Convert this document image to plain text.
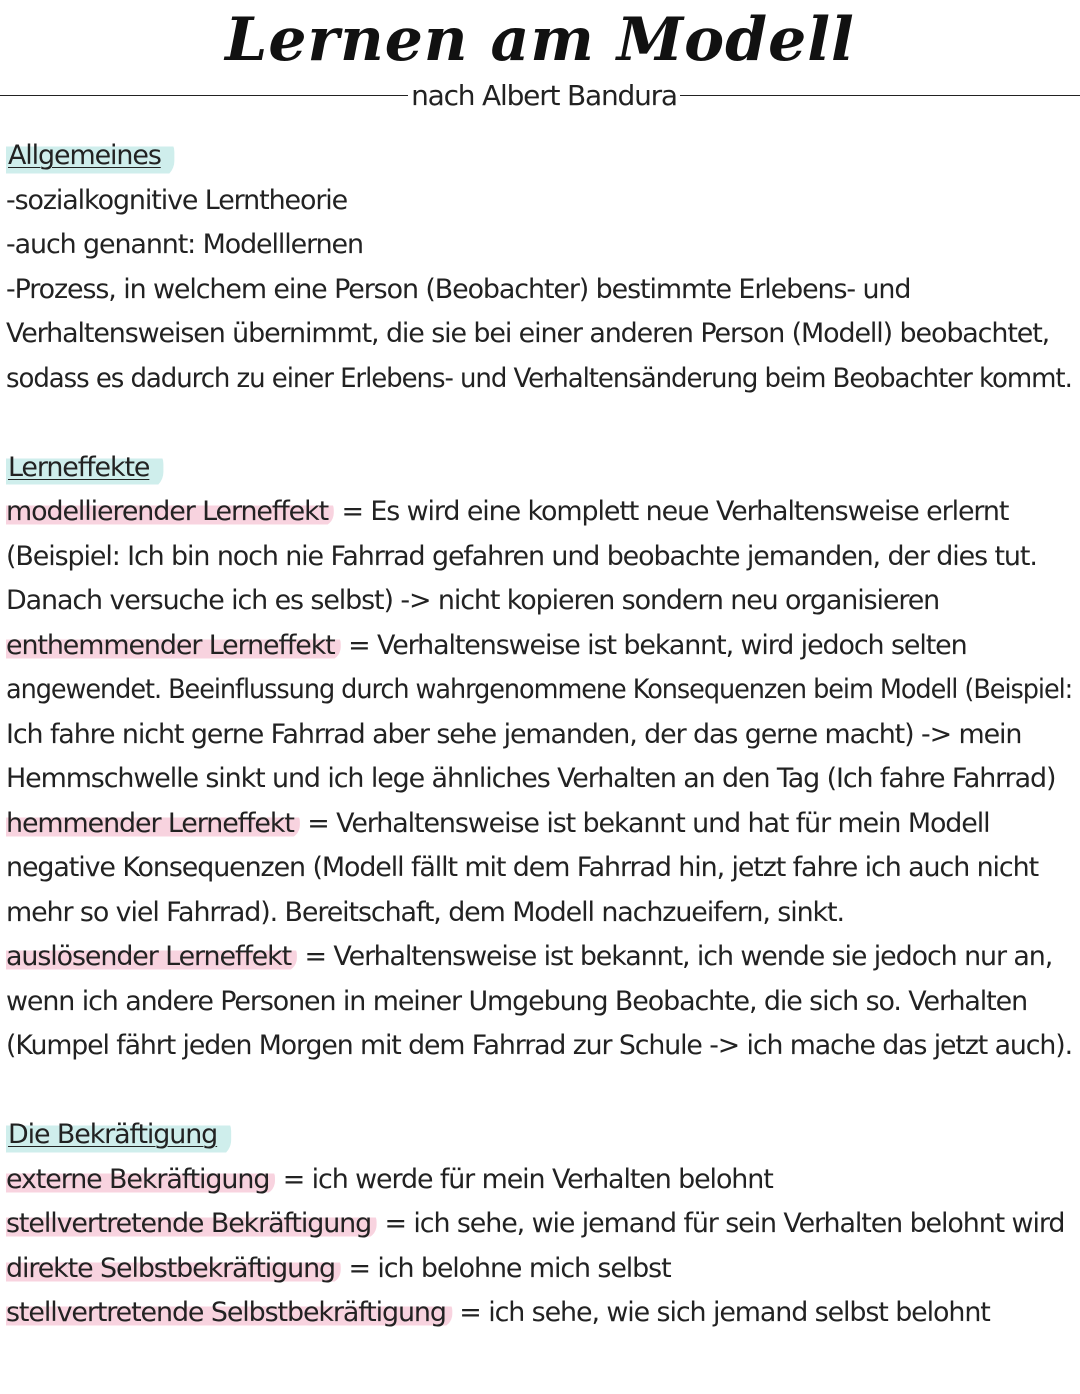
Lernen am Modell
nach Albert Bandura
Allgemeines
-sozialkognitive Lerntheorie
-auch genannt: Modelllernen
-Prozess, in welchem eine Person (Beobachter) bestimmte Erlebens- und
Verhaltensweisen übernimmt, die sie bei einer anderen Person (Modell) beobachtet,
sodass es dadurch zu einer Erlebens- und Verhaltensänderung beim Beobachter kommt.
Lerneffekte
modellierender Lerneffekt = Es wird eine komplett neue Verhaltensweise erlernt
(Beispiel: Ich bin noch nie Fahrrad gefahren und beobachte jemanden, der dies tut.
Danach versuche ich es selbst) -> nicht kopieren sondern neu organisieren
enthemmender Lerneffekt = Verhaltensweise ist bekannt, wird jedoch selten
angewendet. Beeinflussung durch wahrgenommene Konsequenzen beim Modell (Beispiel:
Ich fahre nicht gerne Fahrrad aber sehe jemanden, der das gerne macht) -> mein
Hemmschwelle sinkt und ich lege ähnliches Verhalten an den Tag (Ich fahre Fahrrad)
hemmender Lerneffekt = Verhaltensweise ist bekannt und hat für mein Modell
negative Konsequenzen (Modell fällt mit dem Fahrrad hin, jetzt fahre ich auch nicht
mehr so viel Fahrrad). Bereitschaft, dem Modell nachzueifern, sinkt.
auslösender Lerneffekt = Verhaltensweise ist bekannt, ich wende sie jedoch nur an,
wenn ich andere Personen in meiner Umgebung Beobachte, die sich so. Verhalten
(Kumpel fährt jeden Morgen mit dem Fahrrad zur Schule -> ich mache das jetzt auch).
Die Bekräftigung
externe Bekräftigung = ich werde für mein Verhalten belohnt
stellvertretende Bekräftigung = ich sehe, wie jemand für sein Verhalten belohnt wird
direkte Selbstbekräftigung = ich belohne mich selbst
stellvertretende Selbstbekräftigung = ich sehe, wie sich jemand selbst belohnt
